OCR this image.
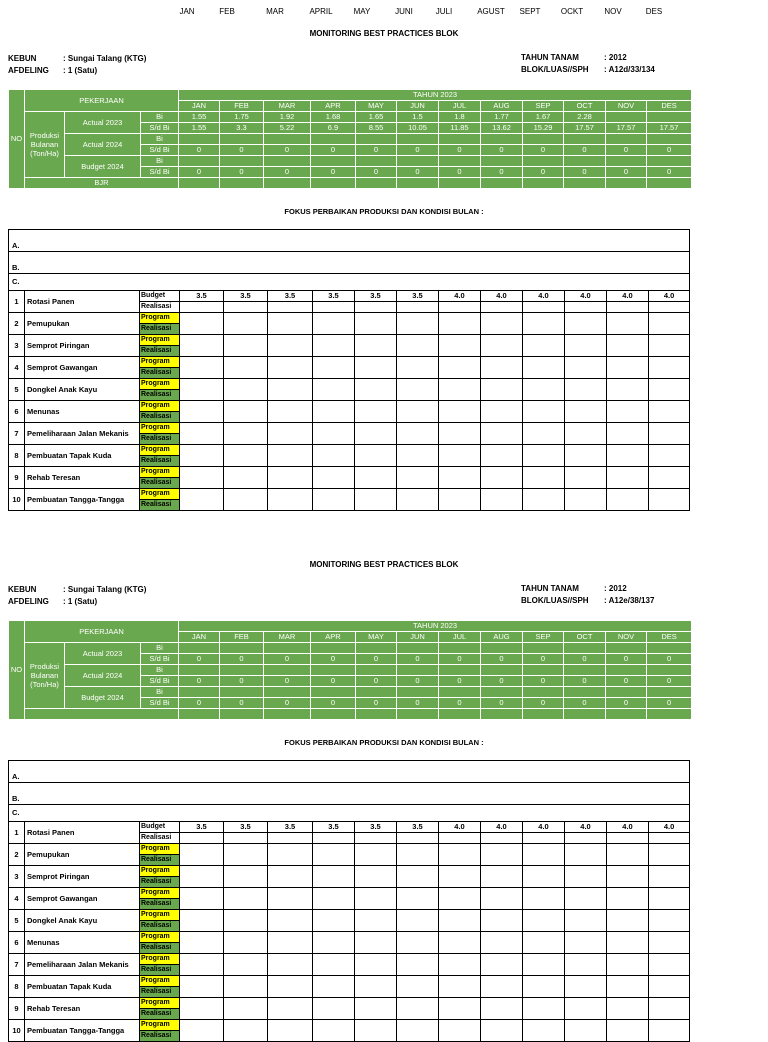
JAN	FEB	MAR	APRIL	MAY	JUNI	JULI	AGUST SEPT	OCKT	NOV	DES
MONITORING BEST PRACTICES BLOK
KEBUN	: Sungai Talang (KTG)
AFDELING : 1 (Satu)
TAHUN TANAM	: 2012
BLOK/LUAS//SPH : A12d/33/134
NO	PEKERJAAN			TAHUN 2023											
				JAN	FEB	MAR	APR	MAY	JUN	JUL	AUG	SEP	OCT	NOV	DES
	Produksi Bulanan (Ton/Ha)	Actual 2023	Bi	1.55	1.75	1.92	1.68	1.65	1.5	1.8	1.77	1.67	2.28		
			S/d Bi	1.55	3.3	5.22	6.9	8.55	10.05	11.85	13.62	15.29	17.57	17.57	17.57
		Actual 2024	Bi												
			S/d Bi	0	0	0	0	0	0	0	0	0	0	0	0
		Budget 2024	Bi												
			S/d Bi	0	0	0	0	0	0	0	0	0	0	0	0
	BJR														
FOKUS PERBAIKAN PRODUKSI DAN KONDISI BULAN :
A.														
B.														
C.														
1	Rotasi Panen	Budget	3.5	3.5	3.5	3.5	3.5	3.5	4.0	4.0	4.0	4.0	4.0	4.0
		Realisasi												
2	Pemupukan	Program												
		Realisasi												
3	Semprot Piringan	Program												
		Realisasi												
4	Semprot Gawangan	Program												
		Realisasi												
5	Dongkel Anak Kayu	Program												
		Realisasi												
6	Menunas	Program												
		Realisasi												
7	Pemeliharaan Jalan Mekanis	Program												
		Realisasi												
8	Pembuatan Tapak Kuda	Program												
		Realisasi												
9	Rehab Teresan	Program												
		Realisasi												
10	Pembuatan Tangga-Tangga	Program												
		Realisasi												
MONITORING BEST PRACTICES BLOK
KEBUN	: Sungai Talang (KTG)
AFDELING : 1 (Satu)
TAHUN TANAM	: 2012
BLOK/LUAS//SPH : A12e/38/137
NO	PEKERJAAN			TAHUN 2023											
				JAN	FEB	MAR	APR	MAY	JUN	JUL	AUG	SEP	OCT	NOV	DES
	Produksi Bulanan (Ton/Ha)	Actual 2023	Bi												
			S/d Bi	0	0	0	0	0	0	0	0	0	0	0	0
		Actual 2024	Bi												
			S/d Bi	0	0	0	0	0	0	0	0	0	0	0	0
		Budget 2024	Bi												
			S/d Bi	0	0	0	0	0	0	0	0	0	0	0	0

FOKUS PERBAIKAN PRODUKSI DAN KONDISI BULAN :
A.														
B.														
C.														
1	Rotasi Panen	Budget	3.5	3.5	3.5	3.5	3.5	3.5	4.0	4.0	4.0	4.0	4.0	4.0
		Realisasi												
2	Pemupukan	Program												
		Realisasi												
3	Semprot Piringan	Program												
		Realisasi												
4	Semprot Gawangan	Program												
		Realisasi												
5	Dongkel Anak Kayu	Program												
		Realisasi												
6	Menunas	Program												
		Realisasi												
7	Pemeliharaan Jalan Mekanis	Program												
		Realisasi												
8	Pembuatan Tapak Kuda	Program												
		Realisasi												
9	Rehab Teresan	Program												
		Realisasi												
10	Pembuatan Tangga-Tangga	Program												
		Realisasi												
